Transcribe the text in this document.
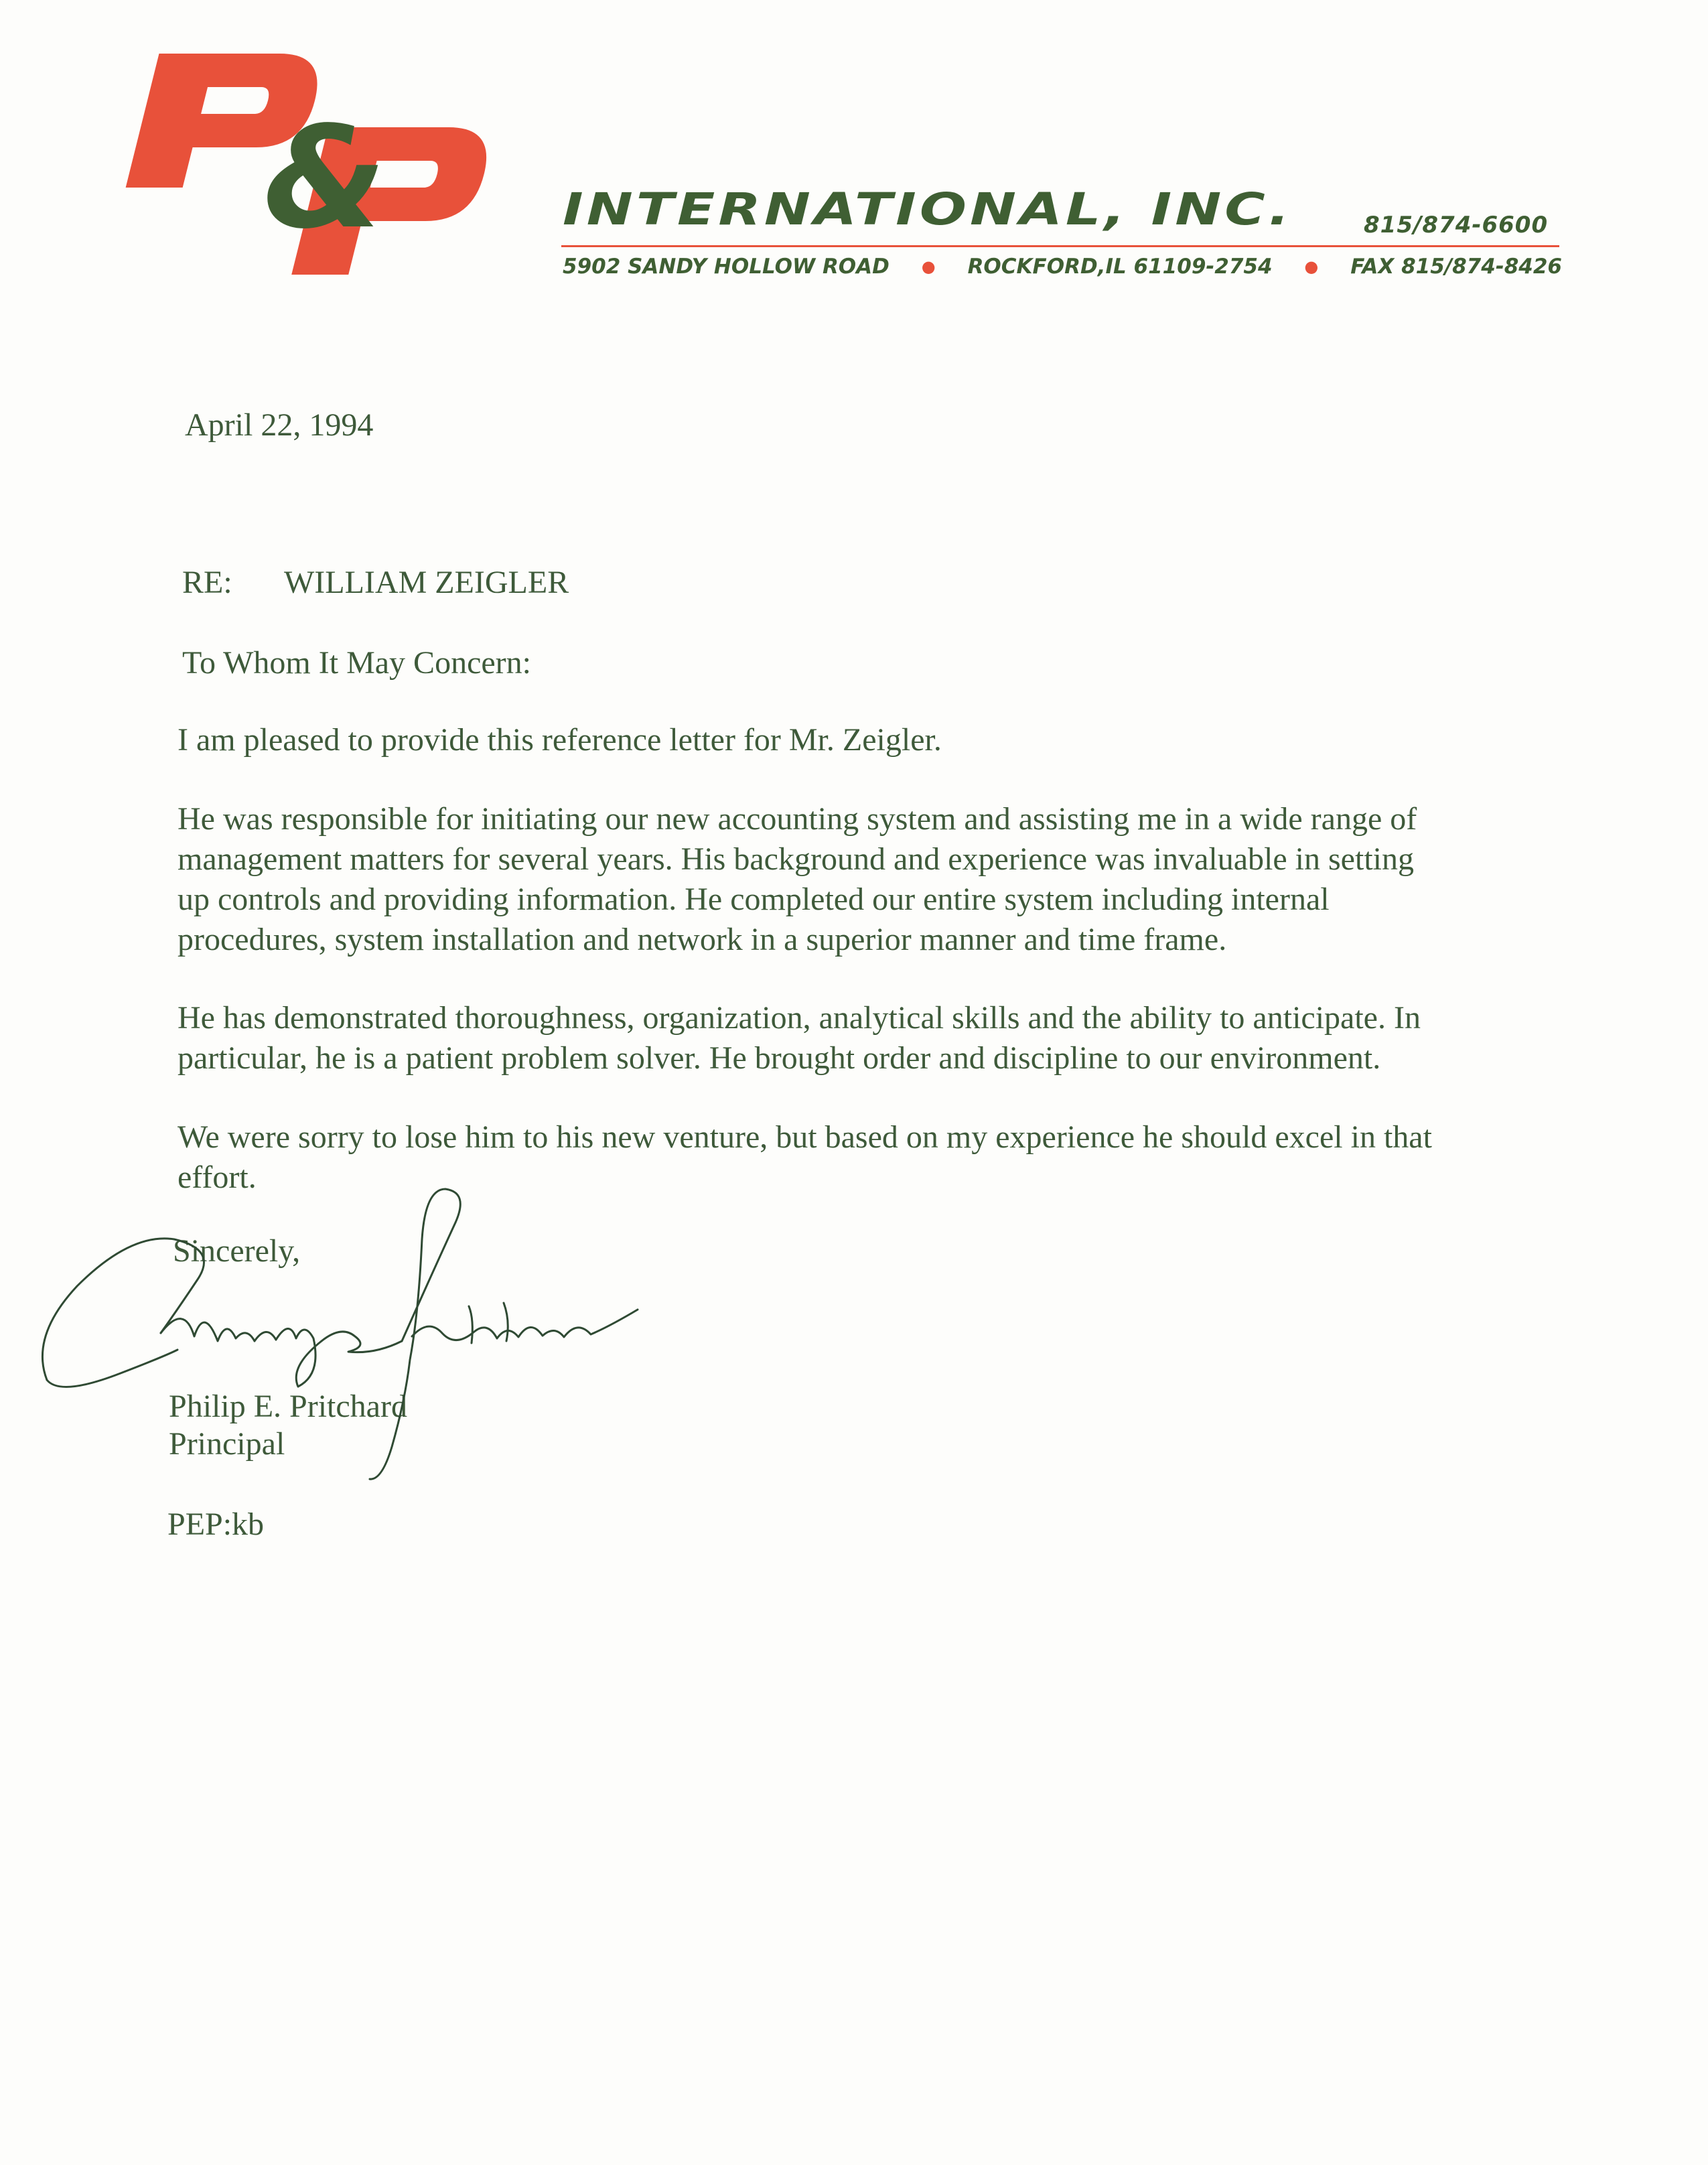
&	INTERNATIONAL, INC.	815/874-6600
5902 SANDY HOLLOW ROAD ● ROCKFORD,IL 61109-2754 ● FAX 815/874-8426
April 22, 1994
RE: WILLIAM ZEIGLER
To Whom It May Concern:

I am pleased to provide this reference letter for Mr. Zeigler.

He was responsible for initiating our new accounting system and assisting me in a wide range of
management matters for several years. His background and experience was invaluable in setting
up controls and providing information. He completed our entire system including internal
procedures, system installation and network in a superior manner and time frame.

He has demonstrated thoroughness, organization, analytical skills and the ability to anticipate. In
particular, he is a patient problem solver. He brought order and discipline to our environment.

We were sorry to lose him to his new venture, but based on my experience he should excel in that
effort.

Sincerely,
Philip E. Pritchard
Principal
PEP:kb
